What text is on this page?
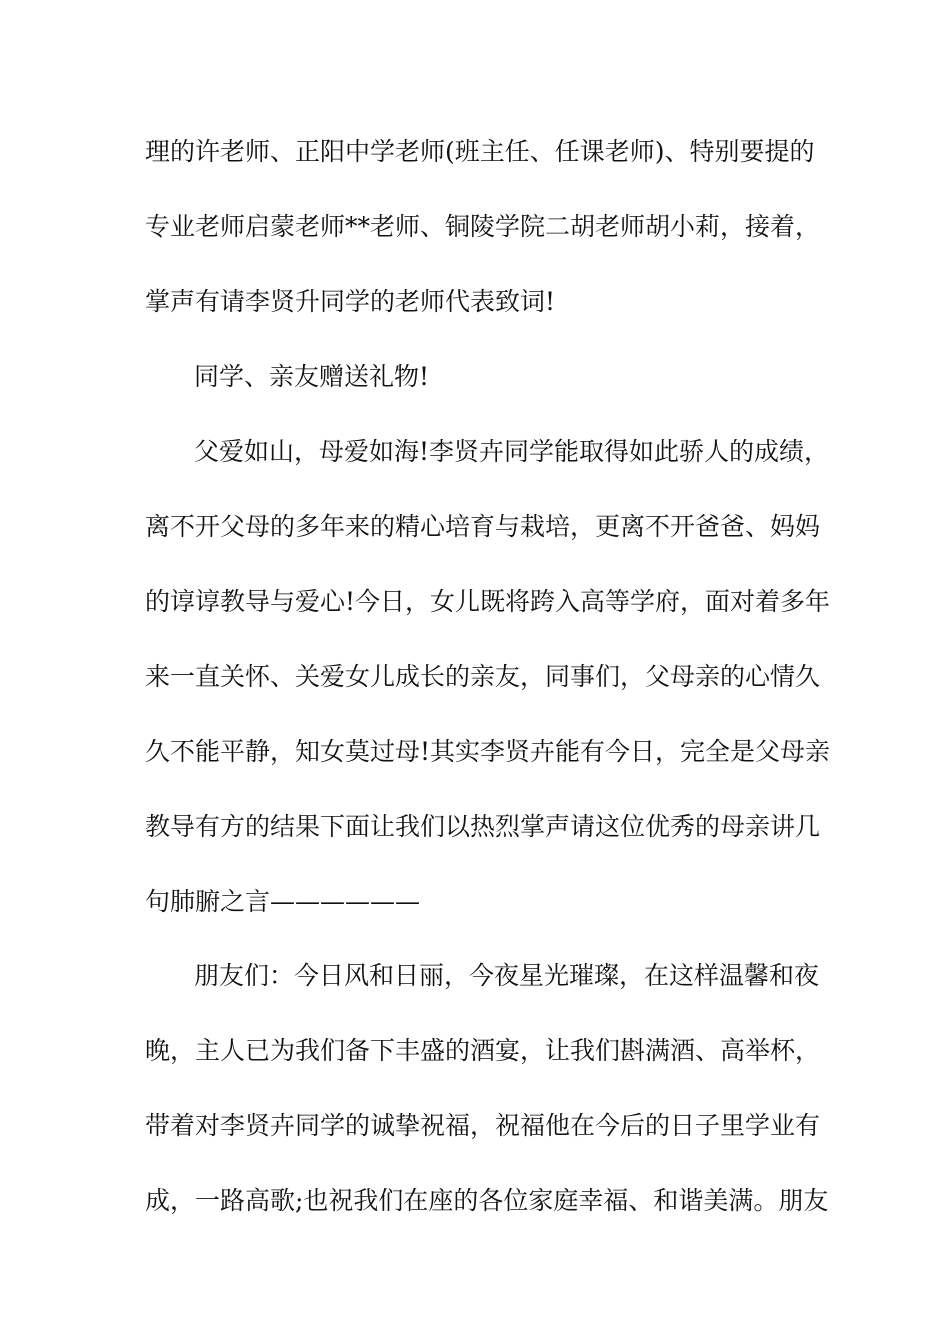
理的许老师、正阳中学老师(班主任、任课老师)、特别要提的

专业老师启蒙老师**老师、铜陵学院二胡老师胡小莉，接着，

掌声有请李贤升同学的老师代表致词!

同学、亲友赠送礼物!

父爱如山，母爱如海!李贤卉同学能取得如此骄人的成绩，

离不开父母的多年来的精心培育与栽培，更离不开爸爸、妈妈

的谆谆教导与爱心!今日，女儿既将跨入高等学府，面对着多年

来一直关怀、关爱女儿成长的亲友，同事们，父母亲的心情久

久不能平静，知女莫过母!其实李贤卉能有今日，完全是父母亲

教导有方的结果下面让我们以热烈掌声请这位优秀的母亲讲几

句肺腑之言——————

朋友们：今日风和日丽，今夜星光璀璨，在这样温馨和夜

晚，主人已为我们备下丰盛的酒宴，让我们斟满酒、高举杯，

带着对李贤卉同学的诚挚祝福，祝福他在今后的日子里学业有

成，一路高歌;也祝我们在座的各位家庭幸福、和谐美满。朋友
